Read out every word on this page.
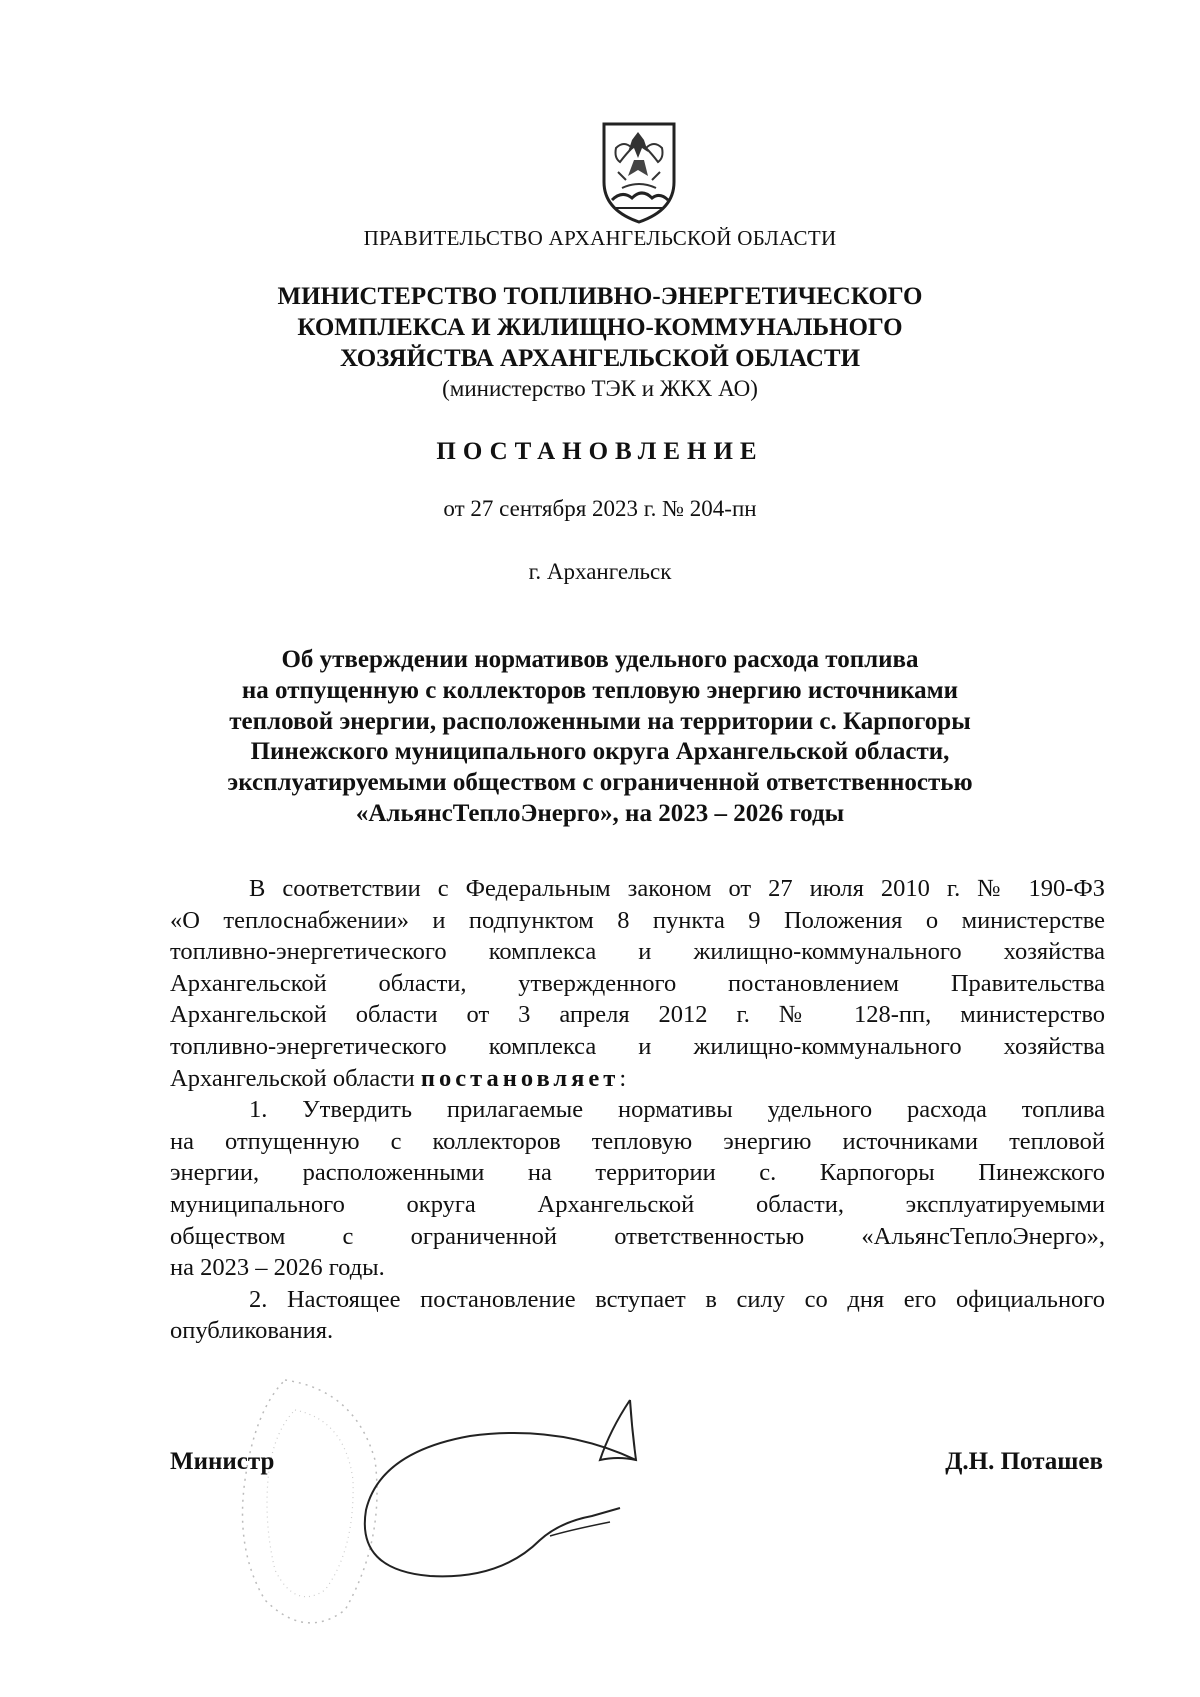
ПРАВИТЕЛЬСТВО АРХАНГЕЛЬСКОЙ ОБЛАСТИ
МИНИСТЕРСТВО ТОПЛИВНО-ЭНЕРГЕТИЧЕСКОГО
КОМПЛЕКСА И ЖИЛИЩНО-КОММУНАЛЬНОГО
ХОЗЯЙСТВА АРХАНГЕЛЬСКОЙ ОБЛАСТИ
(министерство ТЭК и ЖКХ АО)
ПОСТАНОВЛЕНИЕ
от 27 сентября 2023 г. № 204-пн
г. Архангельск
Об утверждении нормативов удельного расхода топлива
на отпущенную с коллекторов тепловую энергию источниками
тепловой энергии, расположенными на территории с. Карпогоры
Пинежского муниципального округа Архангельской области,
эксплуатируемыми обществом с ограниченной ответственностью
«АльянсТеплоЭнерго», на 2023 – 2026 годы
В соответствии с Федеральным законом от 27 июля 2010 г. № 190-ФЗ
«О теплоснабжении» и подпунктом 8 пункта 9 Положения о министерстве
топливно-энергетического комплекса и жилищно-коммунального хозяйства
Архангельской области, утвержденного постановлением Правительства
Архангельской области от 3 апреля 2012 г. № 128-пп, министерство
топливно-энергетического комплекса и жилищно-коммунального хозяйства
Архангельской области постановляет:
1. Утвердить прилагаемые нормативы удельного расхода топлива
на отпущенную с коллекторов тепловую энергию источниками тепловой
энергии, расположенными на территории с. Карпогоры Пинежского
муниципального округа Архангельской области, эксплуатируемыми
обществом с ограниченной ответственностью «АльянсТеплоЭнерго»,
на 2023 – 2026 годы.
2. Настоящее постановление вступает в силу со дня его официального
опубликования.
Министр	Д.Н. Поташев
